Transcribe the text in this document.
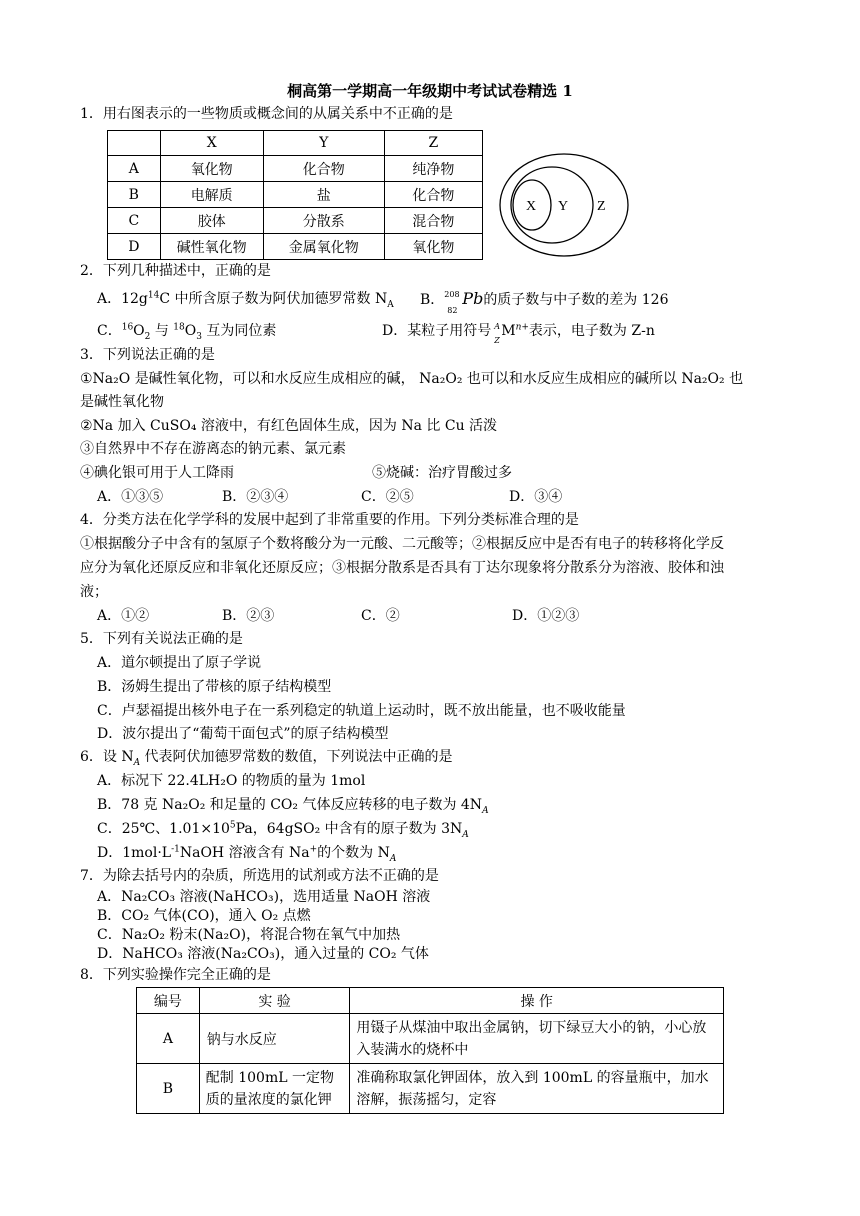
桐高第一学期高一年级期中考试试卷精选 1
1．用右图表示的一些物质或概念间的从属关系中不正确的是
	X	Y	Z
A	氧化物	化合物	纯净物
B	电解质	盐	化合物
C	胶体	分散系	混合物
D	碱性氧化物	金属氧化物	氧化物
X Y Z
2．下列几种描述中，正确的是
A．$12g^{14}C$ 中所含原子数为阿伏加德罗常数 $N_A$ B． 208
82
Pb的质子数与中子数的差为 126
C．$^{16}O_2$ 与 $^{18}O_3$ 互为同位素	D．某粒子用符号 A
Z
$M^{n+}$表示，电子数为 Z-n
3．下列说法正确的是
①Na₂O 是碱性氧化物，可以和水反应生成相应的碱， Na₂O₂ 也可以和水反应生成相应的碱所以 Na₂O₂ 也
是碱性氧化物
②Na 加入 CuSO₄ 溶液中，有红色固体生成，因为 Na 比 Cu 活泼
③自然界中不存在游离态的钠元素、氯元素
④碘化银可用于人工降雨	⑤烧碱：治疗胃酸过多
A．①③⑤	B．②③④	C．②⑤	D．③④
4．分类方法在化学学科的发展中起到了非常重要的作用。下列分类标准合理的是
①根据酸分子中含有的氢原子个数将酸分为一元酸、二元酸等；②根据反应中是否有电子的转移将化学反
应分为氧化还原反应和非氧化还原反应；③根据分散系是否具有丁达尔现象将分散系分为溶液、胶体和浊
液；
A．①②	B．②③	C．②	D．①②③
5．下列有关说法正确的是
A．道尔顿提出了原子学说
B．汤姆生提出了带核的原子结构模型
C．卢瑟福提出核外电子在一系列稳定的轨道上运动时，既不放出能量，也不吸收能量
D．波尔提出了“葡萄干面包式”的原子结构模型
6．设 $N_A$ 代表阿伏加德罗常数的数值，下列说法中正确的是
A．标况下 22.4LH₂O 的物质的量为 1mol
B．78 克 Na₂O₂ 和足量的 CO₂ 气体反应转移的电子数为 $4N_A$
C．25℃、$1.01\times 10^5Pa$，64gSO₂ 中含有的原子数为 $3N_A$
D．$1mol\cdot L^{-1}NaOH$ 溶液含有 Na+的个数为 $N_A$
7．为除去括号内的杂质，所选用的试剂或方法不正确的是
A．Na₂CO₃ 溶液(NaHCO₃)，选用适量 NaOH 溶液
B．CO₂ 气体(CO)，通入 O₂ 点燃
C．Na₂O₂ 粉末(Na₂O)，将混合物在氧气中加热
D．NaHCO₃ 溶液(Na₂CO₃)，通入过量的 CO₂ 气体
8．下列实验操作完全正确的是
编号	实 验	操 作
A	钠与水反应	用镊子从煤油中取出金属钠，切下绿豆大小的钠，小心放入装满水的烧杯中
B	配制 100mL 一定物质的量浓度的氯化钾	准确称取氯化钾固体，放入到 100mL 的容量瓶中，加水溶解，振荡摇匀，定容
